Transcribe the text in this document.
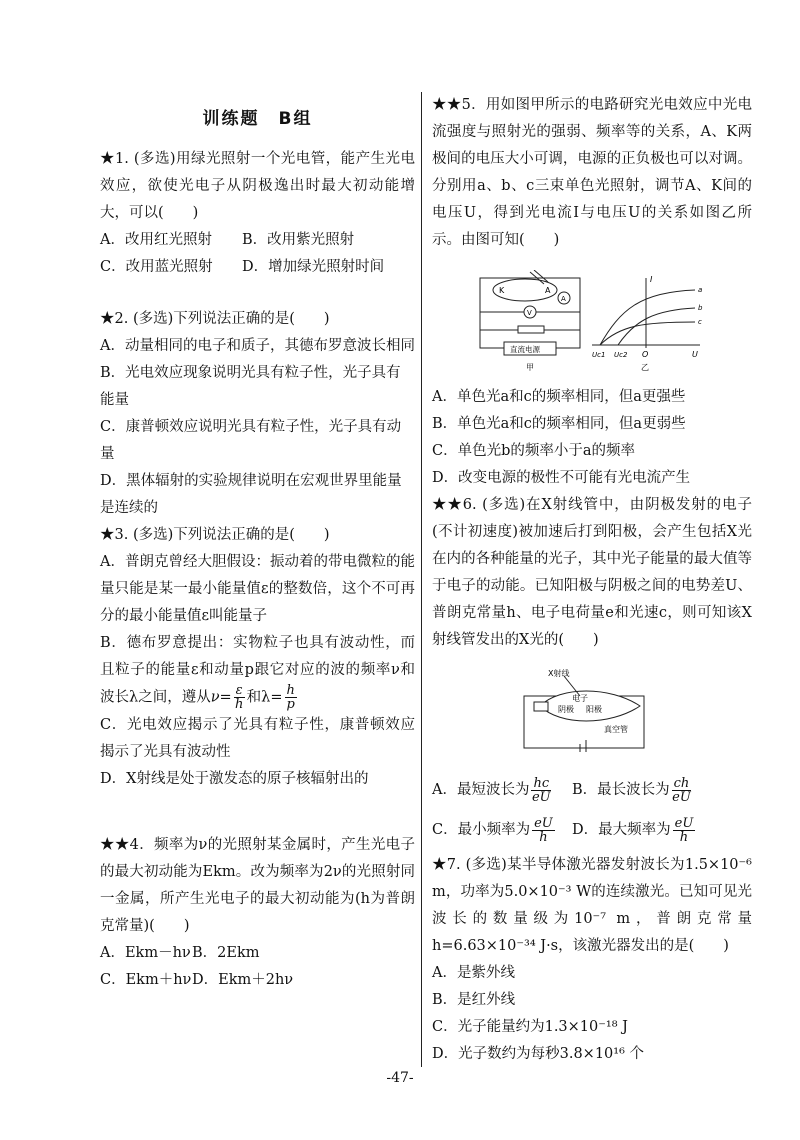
训练题　B组

★1. (多选)用绿光照射一个光电管，能产生光电效应，欲使光电子从阴极逸出时最大初动能增大，可以(　　)

A．改用红光照射	B．改用紫光照射
C．改用蓝光照射	D．增加绿光照射时间

★2. (多选)下列说法正确的是(　　)

A．动量相同的电子和质子，其德布罗意波长相同

B．光电效应现象说明光具有粒子性，光子具有能量

C．康普顿效应说明光具有粒子性，光子具有动量

D．黑体辐射的实验规律说明在宏观世界里能量是连续的

★3. (多选)下列说法正确的是(　　)

A．普朗克曾经大胆假设：振动着的带电微粒的能量只能是某一最小能量值ε的整数倍，这个不可再分的最小能量值ε叫能量子

B．德布罗意提出：实物粒子也具有波动性，而且粒子的能量ε和动量p跟它对应的波的频率ν和波长λ之间，遵从$\nu= \frac{\varepsilon}{h}$ 和$\lambda= \frac{h}{p}$

C．光电效应揭示了光具有粒子性，康普顿效应揭示了光具有波动性

D．X射线是处于激发态的原子核辐射出的

★★4．频率为ν的光照射某金属时，产生光电子的最大初动能为Ekm。改为频率为2ν的光照射同一金属，所产生光电子的最大初动能为(h为普朗克常量)(　　)

A．Ekm－hν B．2Ekm
C．Ekm＋hν D．Ekm＋2hν

★★5．用如图甲所示的电路研究光电效应中光电流强度与照射光的强弱、频率等的关系，A、K两极间的电压大小可调，电源的正负极也可以对调。分别用a、b、c三束单色光照射，调节A、K间的电压U，得到光电流I与电压U的关系如图乙所示。由图可知(　　)

K	A
A
V
直流电源
甲
I
U
O
Uc1 Uc2
a
b
c
乙

A．单色光a和c的频率相同，但a更强些

B．单色光a和c的频率相同，但a更弱些

C．单色光b的频率小于a的频率

D．改变电源的极性不可能有光电流产生

★★6. (多选)在X射线管中，由阴极发射的电子(不计初速度)被加速后打到阳极，会产生包括X光在内的各种能量的光子，其中光子能量的最大值等于电子的动能。已知阳极与阴极之间的电势差U、普朗克常量h、电子电荷量e和光速c，则可知该X射线管发出的X光的(　　)

X射线
电子
阴极 阳极
真空管
A．最短波长为 $\frac{hc}{eU}$ B．最长波长为 $\frac{ch}{eU}$
C．最小频率为 $\frac{eU}{h}$ D．最大频率为 $\frac{eU}{h}$

★7. (多选)某半导体激光器发射波长为1.5×10⁻⁶ m，功率为5.0×10⁻³ W的连续激光。已知可见光波长的数量级为10⁻⁷ m，普朗克常量h=6.63×10⁻³⁴ J·s，该激光器发出的是(　　)

A．是紫外线

B．是红外线

C．光子能量约为1.3×10⁻¹⁸ J

D．光子数约为每秒3.8×10¹⁶ 个

-47-
